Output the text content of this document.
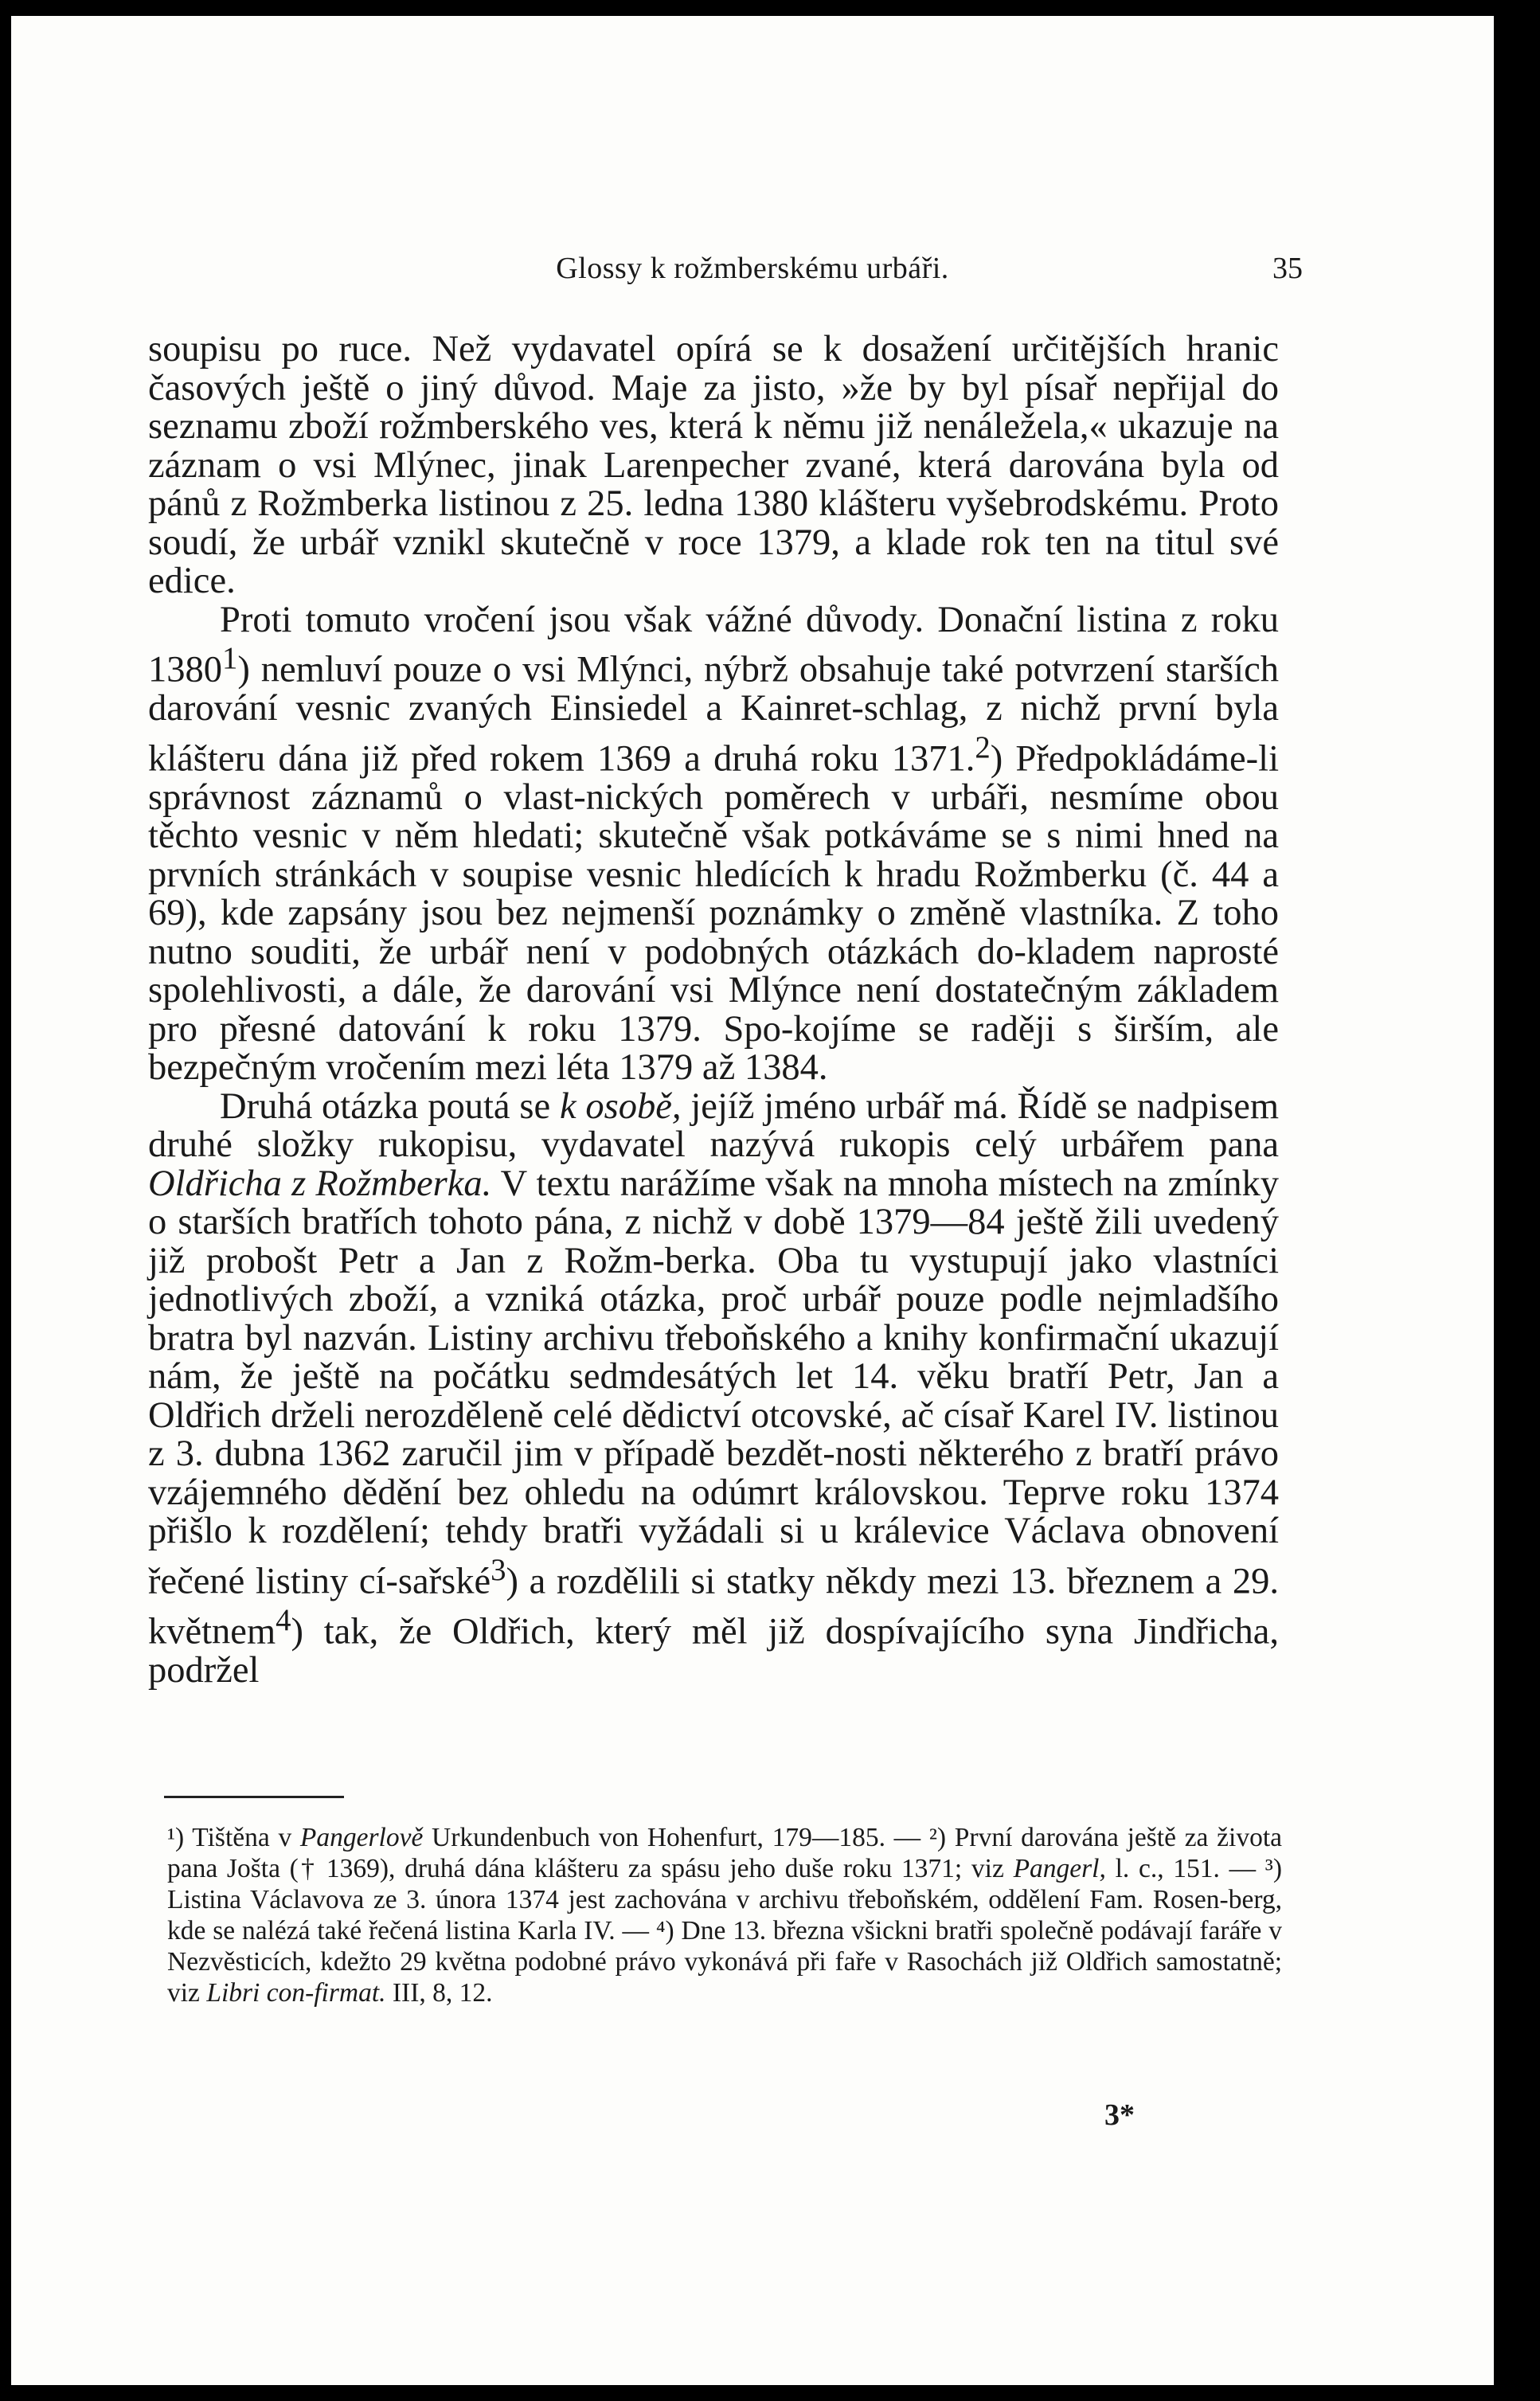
Glossy k rožmberskému urbáři.	35

soupisu po ruce. Než vydavatel opírá se k dosažení určitějších hranic časových ještě o jiný důvod. Maje za jisto, »že by byl písař nepřijal do seznamu zboží rožmberského ves, která k němu již nenáležela,« ukazuje na záznam o vsi Mlýnec, jinak Larenpecher zvané, která darována byla od pánů z Rožmberka listinou z 25. ledna 1380 klášteru vyšebrodskému. Proto soudí, že urbář vznikl skutečně v roce 1379, a klade rok ten na titul své edice.

Proti tomuto vročení jsou však vážné důvody. Donační listina z roku 1380$^1$) nemluví pouze o vsi Mlýnci, nýbrž obsahuje také potvrzení starších darování vesnic zvaných Einsiedel a Kainret-schlag, z nichž první byla klášteru dána již před rokem 1369 a druhá roku 1371.$^2$) Předpokládáme-li správnost záznamů o vlast-nických poměrech v urbáři, nesmíme obou těchto vesnic v něm hledati; skutečně však potkáváme se s nimi hned na prvních stránkách v soupise vesnic hledících k hradu Rožmberku (č. 44 a 69), kde zapsány jsou bez nejmenší poznámky o změně vlastníka. Z toho nutno souditi, že urbář není v podobných otázkách do-kladem naprosté spolehlivosti, a dále, že darování vsi Mlýnce není dostatečným základem pro přesné datování k roku 1379. Spo-kojíme se raději s širším, ale bezpečným vročením mezi léta 1379 až 1384.

Druhá otázka poutá se k osobě, jejíž jméno urbář má. Řídě se nadpisem druhé složky rukopisu, vydavatel nazývá rukopis celý urbářem pana Oldřicha z Rožmberka. V textu narážíme však na mnoha místech na zmínky o starších bratřích tohoto pána, z nichž v době 1379—84 ještě žili uvedený již probošt Petr a Jan z Rožm-berka. Oba tu vystupují jako vlastníci jednotlivých zboží, a vzniká otázka, proč urbář pouze podle nejmladšího bratra byl nazván. Listiny archivu třeboňského a knihy konfirmační ukazují nám, že ještě na počátku sedmdesátých let 14. věku bratří Petr, Jan a Oldřich drželi nerozděleně celé dědictví otcovské, ač císař Karel IV. listinou z 3. dubna 1362 zaručil jim v případě bezdět-nosti některého z bratří právo vzájemného dědění bez ohledu na odúmrt královskou. Teprve roku 1374 přišlo k rozdělení; tehdy bratři vyžádali si u králevice Václava obnovení řečené listiny cí-sařské$^3$) a rozdělili si statky někdy mezi 13. březnem a 29. květnem$^4$) tak, že Oldřich, který měl již dospívajícího syna Jindřicha, podržel

¹) Tištěna v Pangerlově Urkundenbuch von Hohenfurt, 179—185. — ²) První darována ještě za života pana Jošta († 1369), druhá dána klášteru za spásu jeho duše roku 1371; viz Pangerl, l. c., 151. — ³) Listina Václavova ze 3. února 1374 jest zachována v archivu třeboňském, oddělení Fam. Rosen-berg, kde se nalézá také řečená listina Karla IV. — ⁴) Dne 13. března všickni bratři společně podávají faráře v Nezvěsticích, kdežto 29 května podobné právo vykonává při faře v Rasochách již Oldřich samostatně; viz Libri con-firmat. III, 8, 12.

3*
